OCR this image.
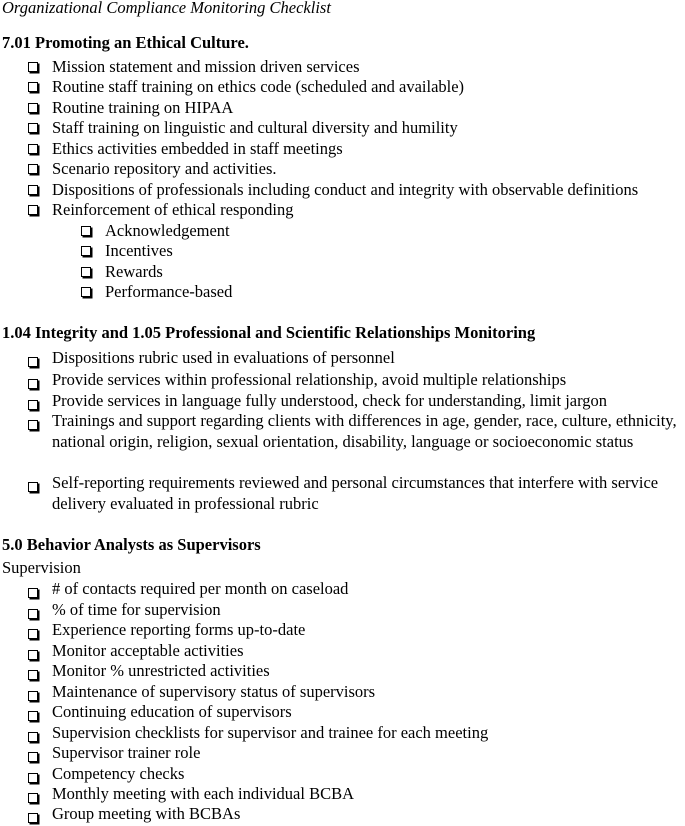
Organizational Compliance Monitoring Checklist
7.01 Promoting an Ethical Culture.
Mission statement and mission driven services
Routine staff training on ethics code (scheduled and available)
Routine training on HIPAA
Staff training on linguistic and cultural diversity and humility
Ethics activities embedded in staff meetings
Scenario repository and activities.
Dispositions of professionals including conduct and integrity with observable definitions
Reinforcement of ethical responding
Acknowledgement
Incentives
Rewards
Performance-based
1.04 Integrity and 1.05 Professional and Scientific Relationships Monitoring
Dispositions rubric used in evaluations of personnel
Provide services within professional relationship, avoid multiple relationships
Provide services in language fully understood, check for understanding, limit jargon
Trainings and support regarding clients with differences in age, gender, race, culture, ethnicity, national origin, religion, sexual orientation, disability, language or socioeconomic status
Self-reporting requirements reviewed and personal circumstances that interfere with service delivery evaluated in professional rubric
5.0 Behavior Analysts as Supervisors
Supervision
# of contacts required per month on caseload
% of time for supervision
Experience reporting forms up-to-date
Monitor acceptable activities
Monitor % unrestricted activities
Maintenance of supervisory status of supervisors
Continuing education of supervisors
Supervision checklists for supervisor and trainee for each meeting
Supervisor trainer role
Competency checks
Monthly meeting with each individual BCBA
Group meeting with BCBAs
